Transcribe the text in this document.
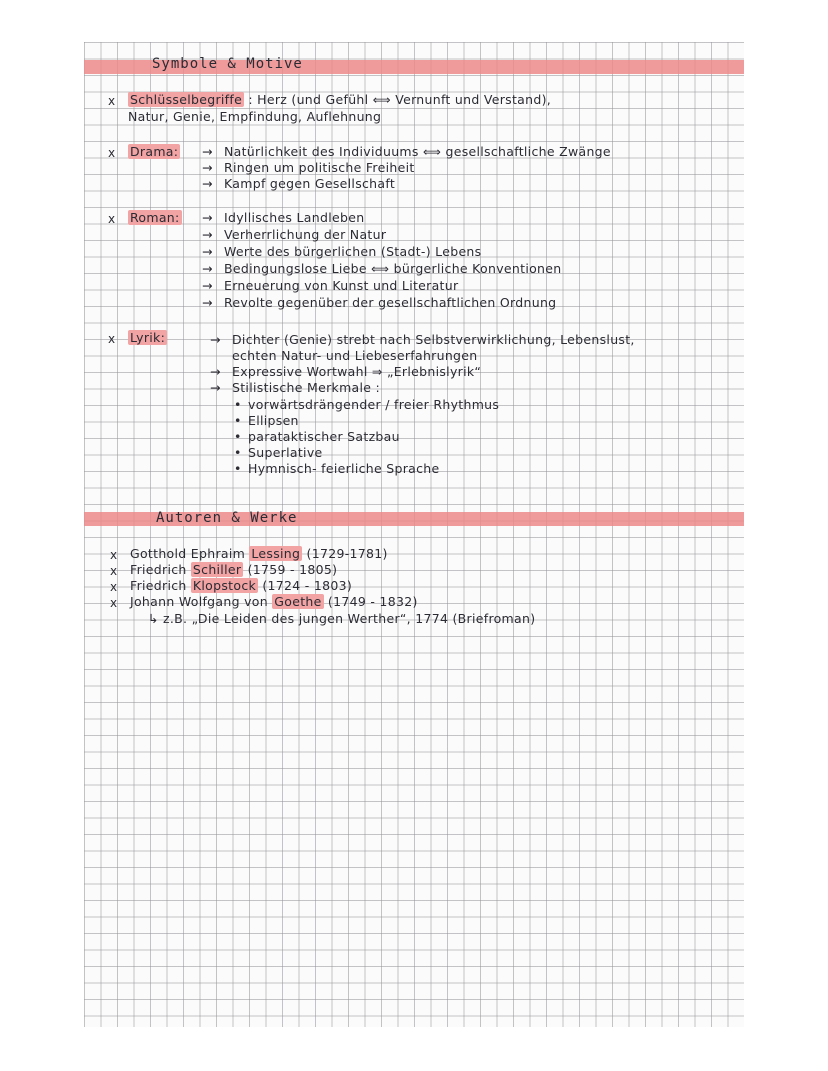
Symbole & Motive
x Schlüsselbegriffe : Herz (und Gefühl ⟺ Vernunft und Verstand),
Natur, Genie, Empfindung, Auflehnung
x Drama: → Natürlichkeit des Individuums ⟺ gesellschaftliche Zwänge
→ Ringen um politische Freiheit
→ Kampf gegen Gesellschaft
x Roman: → Idyllisches Landleben
→ Verherrlichung der Natur
→ Werte des bürgerlichen (Stadt-) Lebens
→ Bedingungslose Liebe ⟺ bürgerliche Konventionen
→ Erneuerung von Kunst und Literatur
→ Revolte gegenüber der gesellschaftlichen Ordnung
x Lyrik:	→ Dichter (Genie) strebt nach Selbstverwirklichung, Lebenslust,
echten Natur- und Liebeserfahrungen
→ Expressive Wortwahl ⇒ „Erlebnislyrik“
→ Stilistische Merkmale :
• vorwärtsdrängender / freier Rhythmus
• Ellipsen
• parataktischer Satzbau
• Superlative
• Hymnisch- feierliche Sprache
Autoren & Werke
x Gotthold Ephraim Lessing (1729-1781)
x Friedrich Schiller (1759 - 1805)
x Friedrich Klopstock (1724 - 1803)
x Johann Wolfgang von Goethe (1749 - 1832)
↳ z.B. „Die Leiden des jungen Werther“, 1774 (Briefroman)
